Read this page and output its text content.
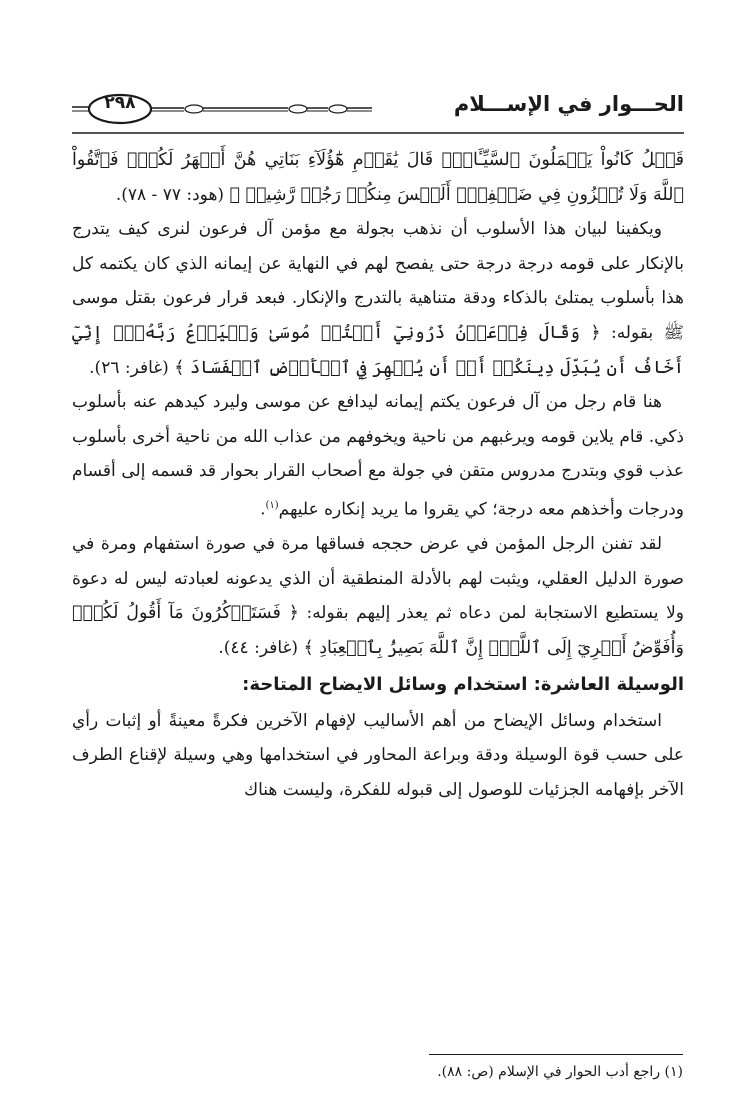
٢٩٨	الحـــوار في الإســـلام

قَبۡلُ كَانُواْ يَعۡمَلُونَ ٱلسَّيِّـَٔاتِۚ قَالَ يَٰقَوۡمِ هَٰٓؤُلَآءِ بَنَاتِي هُنَّ أَطۡهَرُ لَكُمۡۖ فَٱتَّقُواْ ٱللَّهَ وَلَا تُخۡزُونِ فِي ضَيۡفِيٓۖ أَلَيۡسَ مِنكُمۡ رَجُلٞ رَّشِيدٞ ﴾ (هود: ٧٧ - ٧٨).

ويكفينا لبيان هذا الأسلوب أن نذهب بجولة مع مؤمن آل فرعون لنرى كيف يتدرج بالإنكار على قومه درجة درجة حتى يفصح لهم في النهاية عن إيمانه الذي كان يكتمه كل هذا بأسلوب يمتلئ بالذكاء ودقة متناهية بالتدرج والإنكار. فبعد قرار فرعون بقتل موسى ﷺ بقوله: ﴿ وَقَالَ فِرۡعَوۡنُ ذَرُونِيٓ أَقۡتُلۡ مُوسَىٰ وَلۡيَدۡعُ رَبَّهُۥٓۖ إِنِّيٓ أَخَافُ أَن يُبَدِّلَ دِينَكُمۡ أَوۡ أَن يُظۡهِرَ فِي ٱلۡأَرۡضِ ٱلۡفَسَادَ ﴾ (غافر: ٢٦).

هنا قام رجل من آل فرعون يكتم إيمانه ليدافع عن موسى وليرد كيدهم عنه بأسلوب ذكي. قام يلاين قومه ويرغبهم من ناحية ويخوفهم من عذاب الله من ناحية أخرى بأسلوب عذب قوي وبتدرج مدروس متقن في جولة مع أصحاب القرار بحوار قد قسمه إلى أقسام ودرجات وأخذهم معه درجة؛ كي يقروا ما يريد إنكاره عليهم$^{(١)}$.

لقد تفنن الرجل المؤمن في عرض حججه فساقها مرة في صورة استفهام ومرة في صورة الدليل العقلي، ويثبت لهم بالأدلة المنطقية أن الذي يدعونه لعبادته ليس له دعوة ولا يستطيع الاستجابة لمن دعاه ثم يعذر إليهم بقوله: ﴿ فَسَتَذۡكُرُونَ مَآ أَقُولُ لَكُمۡۚ وَأُفَوِّضُ أَمۡرِيٓ إِلَى ٱللَّهِۚ إِنَّ ٱللَّهَ بَصِيرُۢ بِٱلۡعِبَادِ ﴾ (غافر: ٤٤).

الوسيلة العاشرة: استخدام وسائل الايضاح المتاحة:

استخدام وسائل الإيضاح من أهم الأساليب لإفهام الآخرين فكرةً معينةً أو إثبات رأي على حسب قوة الوسيلة ودقة وبراعة المحاور في استخدامها وهي وسيلة لإقناع الطرف الآخر بإفهامه الجزئيات للوصول إلى قبوله للفكرة، وليست هناك

(١) راجع أدب الحوار في الإسلام (ص: ٨٨).
